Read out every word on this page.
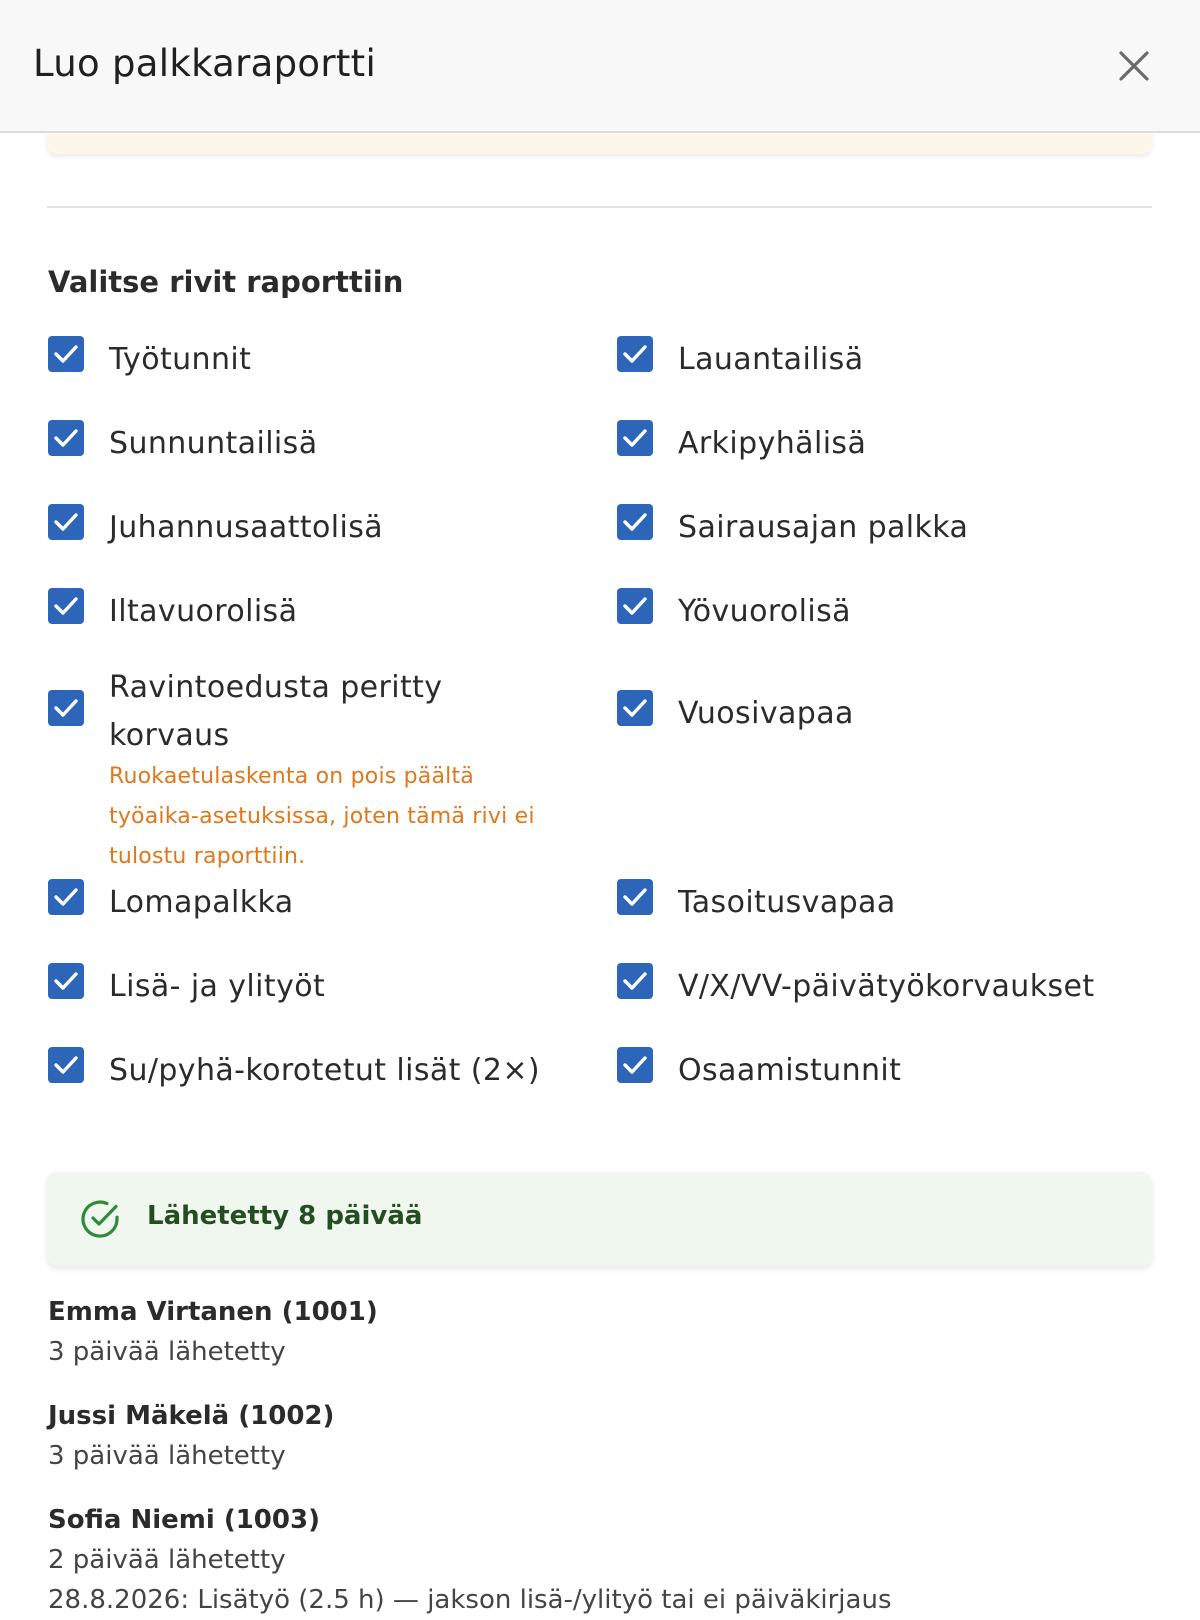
Luo palkkaraportti
Valitse rivit raporttiin
Työtunnit	Lauantailisä
Sunnuntailisä	Arkipyhälisä
Juhannusaattolisä	Sairausajan palkka
Iltavuorolisä	Yövuorolisä
Ravintoedusta peritty korvaus
Ruokaetulaskenta on pois päältä työaika-asetuksissa, joten tämä rivi ei tulostu raporttiin.
Vuosivapaa
Lomapalkka	Tasoitusvapaa
Lisä- ja ylityöt	V/X/VV-päivätyökorvaukset
Su/pyhä-korotetut lisät (2×)	Osaamistunnit
Lähetetty 8 päivää
Emma Virtanen (1001)
3 päivää lähetetty
Jussi Mäkelä (1002)
3 päivää lähetetty
Sofia Niemi (1003)
2 päivää lähetetty
28.8.2026: Lisätyö (2.5 h) — jakson lisä-/ylityö tai ei päiväkirjaus
